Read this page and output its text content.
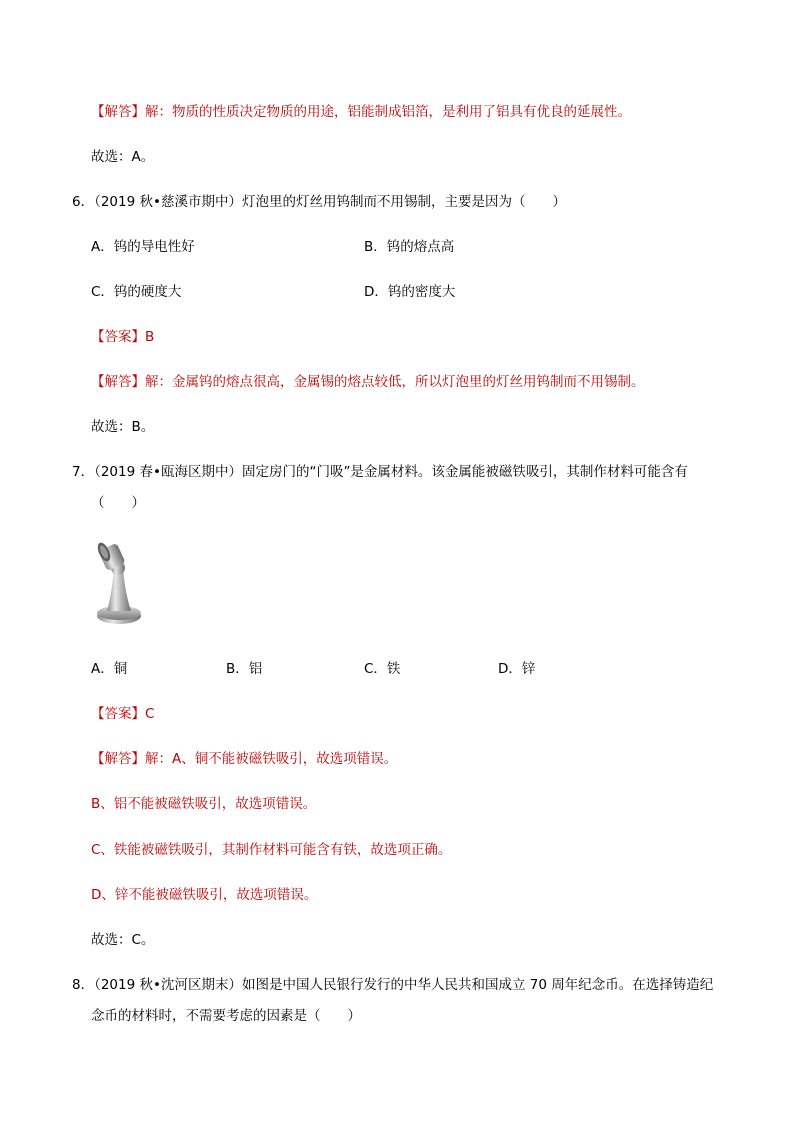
【解答】解：物质的性质决定物质的用途，铝能制成铝箔，是利用了铝具有优良的延展性。
故选：A。
6．（2019 秋•慈溪市期中）灯泡里的灯丝用钨制而不用锡制，主要是因为（　　）
A．钨的导电性好	B．钨的熔点高
C．钨的硬度大	D．钨的密度大
【答案】B
【解答】解：金属钨的熔点很高，金属锡的熔点较低，所以灯泡里的灯丝用钨制而不用锡制。
故选：B。
7．（2019 春•瓯海区期中）固定房门的“门吸”是金属材料。该金属能被磁铁吸引，其制作材料可能含有
（　　）
A．铜	B．铝	C．铁	D．锌
【答案】C
【解答】解：A、铜不能被磁铁吸引，故选项错误。
B、铝不能被磁铁吸引，故选项错误。
C、铁能被磁铁吸引，其制作材料可能含有铁，故选项正确。
D、锌不能被磁铁吸引，故选项错误。
故选：C。
8．（2019 秋•沈河区期末）如图是中国人民银行发行的中华人民共和国成立 70 周年纪念币。在选择铸造纪
念币的材料时，不需要考虑的因素是（　　）
